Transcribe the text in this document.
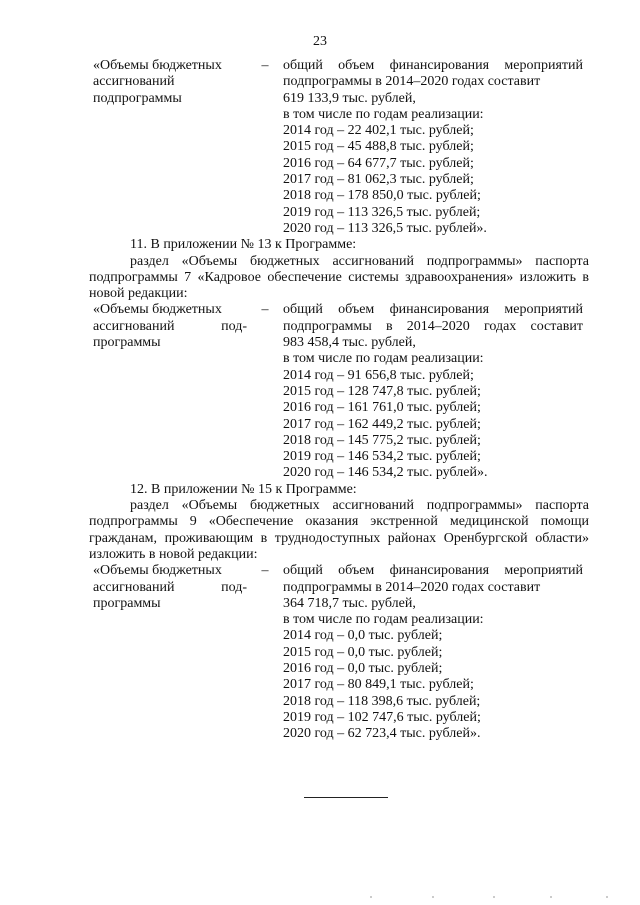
23
«Объемы бюджетных
ассигнований
подпрограммы
–	общий объем финансирования мероприятий
подпрограммы в 2014–2020 годах составит
619 133,9 тыс. рублей,
в том числе по годам реализации:
2014 год – 22 402,1 тыс. рублей;
2015 год – 45 488,8 тыс. рублей;
2016 год – 64 677,7 тыс. рублей;
2017 год – 81 062,3 тыс. рублей;
2018 год – 178 850,0 тыс. рублей;
2019 год – 113 326,5 тыс. рублей;
2020 год – 113 326,5 тыс. рублей».
11. В приложении № 13 к Программе:
раздел «Объемы бюджетных ассигнований подпрограммы» паспорта
подпрограммы 7 «Кадровое обеспечение системы здравоохранения» изложить в
новой редакции:
«Объемы бюджетных
ассигнований	под-
программы
–	общий объем финансирования мероприятий
подпрограммы в 2014–2020 годах составит
983 458,4 тыс. рублей,
в том числе по годам реализации:
2014 год – 91 656,8 тыс. рублей;
2015 год – 128 747,8 тыс. рублей;
2016 год – 161 761,0 тыс. рублей;
2017 год – 162 449,2 тыс. рублей;
2018 год – 145 775,2 тыс. рублей;
2019 год – 146 534,2 тыс. рублей;
2020 год – 146 534,2 тыс. рублей».
12. В приложении № 15 к Программе:
раздел «Объемы бюджетных ассигнований подпрограммы» паспорта
подпрограммы 9 «Обеспечение оказания экстренной медицинской помощи
гражданам, проживающим в труднодоступных районах Оренбургской области»
изложить в новой редакции:
«Объемы бюджетных
ассигнований	под-
программы
–	общий объем финансирования мероприятий
подпрограммы в 2014–2020 годах составит
364 718,7 тыс. рублей,
в том числе по годам реализации:
2014 год – 0,0 тыс. рублей;
2015 год – 0,0 тыс. рублей;
2016 год – 0,0 тыс. рублей;
2017 год – 80 849,1 тыс. рублей;
2018 год – 118 398,6 тыс. рублей;
2019 год – 102 747,6 тыс. рублей;
2020 год – 62 723,4 тыс. рублей».
